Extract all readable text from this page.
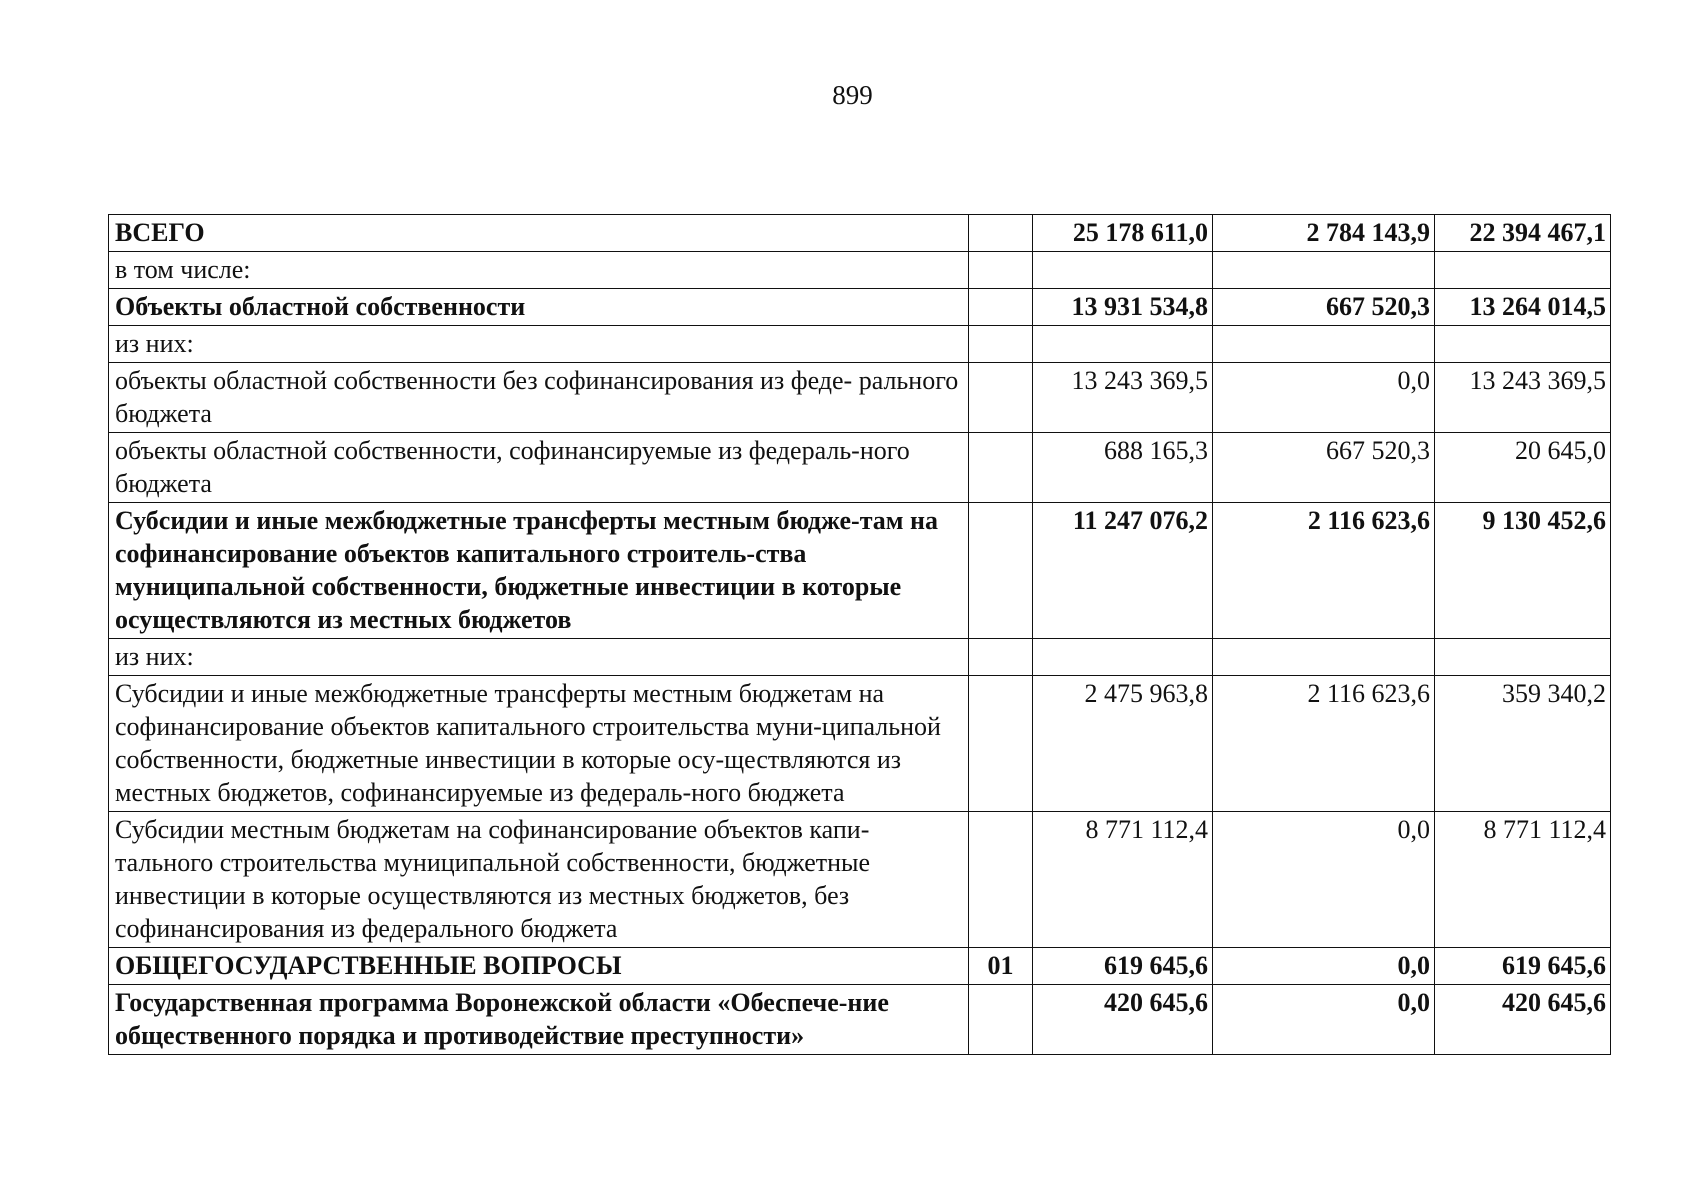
899
ВСЕГО		25 178 611,0	2 784 143,9	22 394 467,1
в том числе:				
Объекты областной собственности		13 931 534,8	667 520,3	13 264 014,5
из них:				
объекты областной собственности без софинансирования из феде- рального бюджета		13 243 369,5	0,0	13 243 369,5
объекты областной собственности, софинансируемые из федераль-ного бюджета		688 165,3	667 520,3	20 645,0
Субсидии и иные межбюджетные трансферты местным бюдже-там на софинансирование объектов капитального строитель-ства муниципальной собственности, бюджетные инвестиции в которые осуществляются из местных бюджетов		11 247 076,2	2 116 623,6	9 130 452,6
из них:				
Субсидии и иные межбюджетные трансферты местным бюджетам на софинансирование объектов капитального строительства муни-ципальной собственности, бюджетные инвестиции в которые осу-ществляются из местных бюджетов, софинансируемые из федераль-ного бюджета		2 475 963,8	2 116 623,6	359 340,2
Субсидии местным бюджетам на софинансирование объектов капи-тального строительства муниципальной собственности, бюджетные инвестиции в которые осуществляются из местных бюджетов, без софинансирования из федерального бюджета		8 771 112,4	0,0	8 771 112,4
ОБЩЕГОСУДАРСТВЕННЫЕ ВОПРОСЫ	01	619 645,6	0,0	619 645,6
Государственная программа Воронежской области «Обеспече-ние общественного порядка и противодействие преступности»		420 645,6	0,0	420 645,6
